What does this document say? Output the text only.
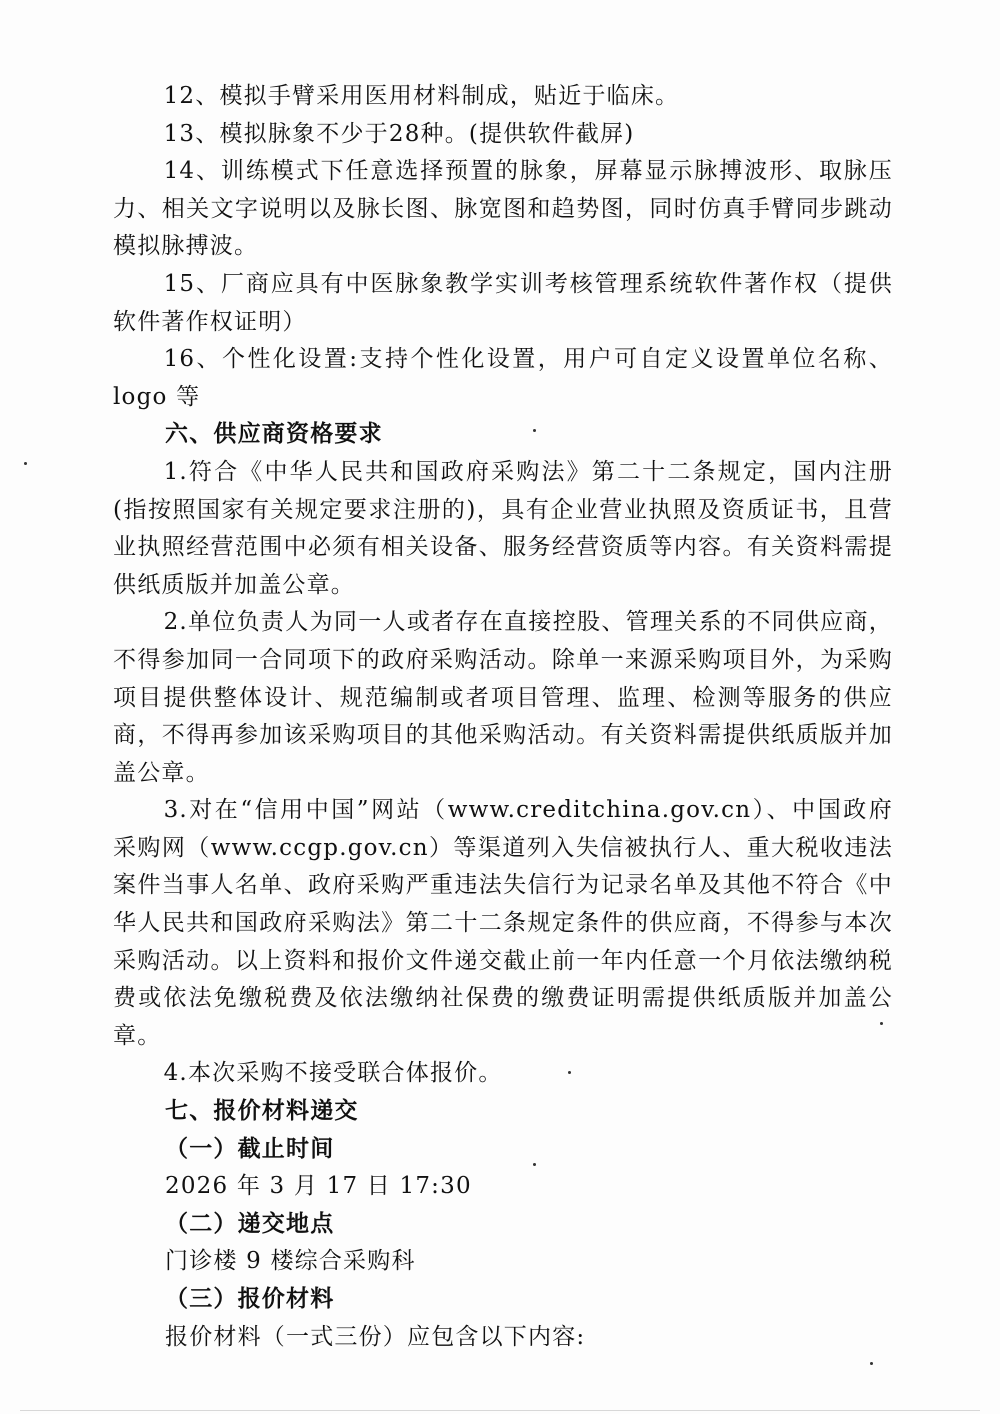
12、模拟手臂采用医用材料制成，贴近于临床。

13、模拟脉象不少于28种。(提供软件截屏)

14、训练模式下任意选择预置的脉象，屏幕显示脉搏波形、取脉压力、相关文字说明以及脉长图、脉宽图和趋势图，同时仿真手臂同步跳动模拟脉搏波。

15、厂商应具有中医脉象教学实训考核管理系统软件著作权（提供软件著作权证明）

16、个性化设置:支持个性化设置，用户可自定义设置单位名称、logo 等

六、供应商资格要求

1.符合《中华人民共和国政府采购法》第二十二条规定，国内注册(指按照国家有关规定要求注册的)，具有企业营业执照及资质证书，且营业执照经营范围中必须有相关设备、服务经营资质等内容。有关资料需提供纸质版并加盖公章。

2.单位负责人为同一人或者存在直接控股、管理关系的不同供应商，不得参加同一合同项下的政府采购活动。除单一来源采购项目外，为采购项目提供整体设计、规范编制或者项目管理、监理、检测等服务的供应商，不得再参加该采购项目的其他采购活动。有关资料需提供纸质版并加盖公章。

3.对在“信用中国”网站（www.creditchina.gov.cn）、中国政府采购网（www.ccgp.gov.cn）等渠道列入失信被执行人、重大税收违法案件当事人名单、政府采购严重违法失信行为记录名单及其他不符合《中华人民共和国政府采购法》第二十二条规定条件的供应商，不得参与本次采购活动。以上资料和报价文件递交截止前一年内任意一个月依法缴纳税费或依法免缴税费及依法缴纳社保费的缴费证明需提供纸质版并加盖公章。

4.本次采购不接受联合体报价。

七、报价材料递交

（一）截止时间

2026 年 3 月 17 日 17:30

（二）递交地点

门诊楼 9 楼综合采购科

（三）报价材料

报价材料（一式三份）应包含以下内容:
